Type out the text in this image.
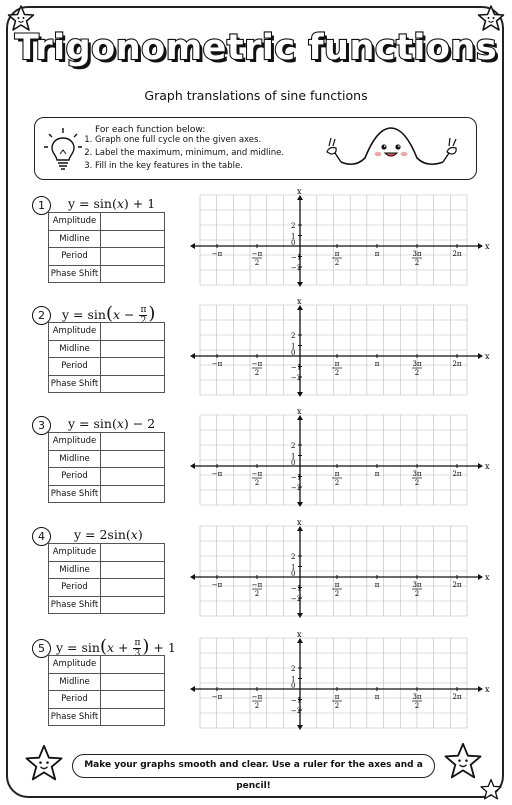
Trigonometric functions
Graph translations of sine functions
For each function below:
1. Graph one full cycle on the given axes.
2. Label the maximum, minimum, and midline.
3. Fill in the key features in the table.
1	y = sin(x) + 1
Amplitude	
Midline	
Period	
Phase Shift	
x
x
0
2
1
−1
−2
−π	−π
2
π
2
π	3π
2
2π
2	$y = \sin(x - \frac{\pi}{2}$ )
Amplitude	
Midline	
Period	
Phase Shift	
x
x
0
2
1
−1
−2
−π	−π
2
π
2
π	3π
2
2π
3	y = sin(x) − 2
Amplitude	
Midline	
Period	
Phase Shift	
x
x
0
2
1
−1
−2
−π	−π
2
π
2
π	3π
2
2π
4	y = 2sin(x)
Amplitude	
Midline	
Period	
Phase Shift	
x
x
0
2
1
−1
−2
−π	−π
2
π
2
π	3π
2
2π
5 $y = \sin(x + \frac{\pi}{3}$ ) + 1
Amplitude	
Midline	
Period	
Phase Shift	
x
x
0
2
1
−1
−2
−π	−π
2
π
2
π	3π
2
2π
Make your graphs smooth and clear. Use a ruler for the axes and a pencil!
